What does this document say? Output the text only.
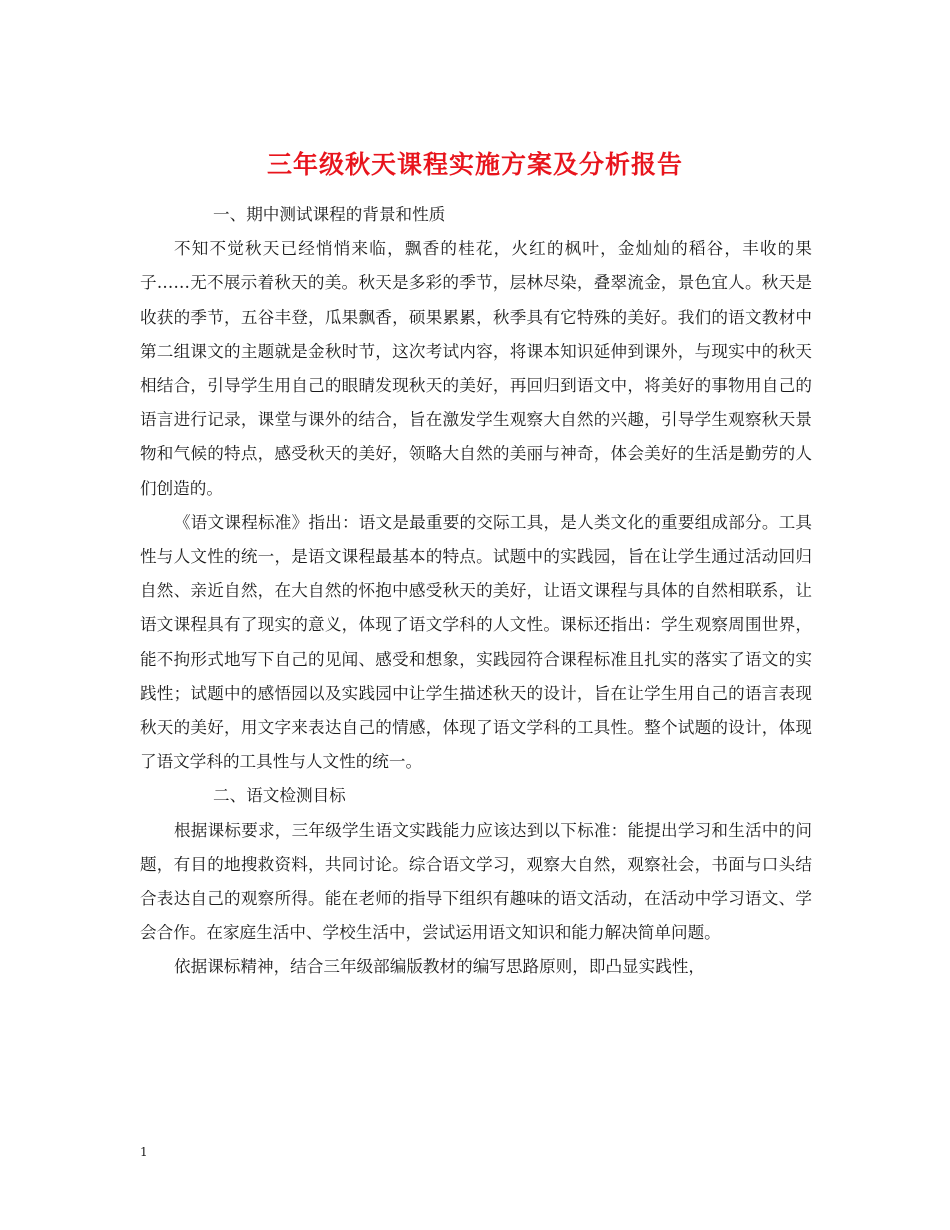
三年级秋天课程实施方案及分析报告

一、期中测试课程的背景和性质

不知不觉秋天已经悄悄来临，飘香的桂花，火红的枫叶，金灿灿的稻谷，丰收的果子……无不展示着秋天的美。秋天是多彩的季节，层林尽染，叠翠流金，景色宜人。秋天是收获的季节，五谷丰登，瓜果飘香，硕果累累，秋季具有它特殊的美好。我们的语文教材中第二组课文的主题就是金秋时节，这次考试内容，将课本知识延伸到课外，与现实中的秋天相结合，引导学生用自己的眼睛发现秋天的美好，再回归到语文中，将美好的事物用自己的语言进行记录，课堂与课外的结合，旨在激发学生观察大自然的兴趣，引导学生观察秋天景物和气候的特点，感受秋天的美好，领略大自然的美丽与神奇，体会美好的生活是勤劳的人们创造的。

《语文课程标准》指出：语文是最重要的交际工具，是人类文化的重要组成部分。工具性与人文性的统一，是语文课程最基本的特点。试题中的实践园，旨在让学生通过活动回归自然、亲近自然，在大自然的怀抱中感受秋天的美好，让语文课程与具体的自然相联系，让语文课程具有了现实的意义，体现了语文学科的人文性。课标还指出：学生观察周围世界，能不拘形式地写下自己的见闻、感受和想象，实践园符合课程标准且扎实的落实了语文的实践性；试题中的感悟园以及实践园中让学生描述秋天的设计，旨在让学生用自己的语言表现秋天的美好，用文字来表达自己的情感，体现了语文学科的工具性。整个试题的设计，体现了语文学科的工具性与人文性的统一。

二、语文检测目标

根据课标要求，三年级学生语文实践能力应该达到以下标准：能提出学习和生活中的问题，有目的地搜救资料，共同讨论。综合语文学习，观察大自然，观察社会，书面与口头结合表达自己的观察所得。能在老师的指导下组织有趣味的语文活动，在活动中学习语文、学会合作。在家庭生活中、学校生活中，尝试运用语文知识和能力解决简单问题。

依据课标精神，结合三年级部编版教材的编写思路原则，即凸显实践性，

1
